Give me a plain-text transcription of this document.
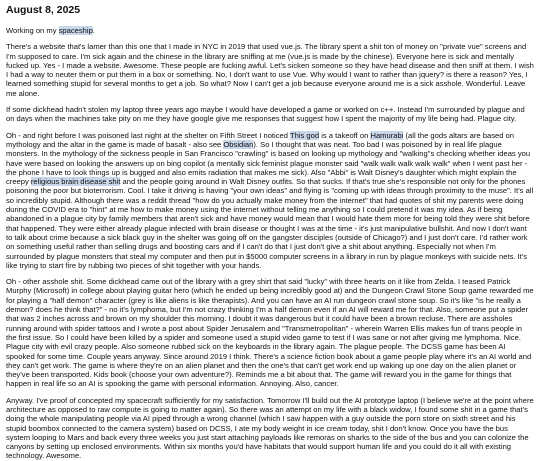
August 8, 2025

Working on my spaceship.

There's a website that's lamer than this one that I made in NYC in 2019 that used vue.js. The library spent a shit ton of money on "private vue" screens and I'm supposed to care. I'm sick again and the chinese in the library are sniffing at me (vue.js is made by the chinese). Everyone here is sick and mentally fucked up. Yes - I made a website. Awesome. These people are fucking awful. Let's sicken someone so they have head disease and then sniff at them. I wish I had a way to neuter them or put them in a box or something. No, I don't want to use Vue. Why would I want to rather than jquery? is there a reason? Yes, I learned something stupid for several months to get a job. So what? Now I can't get a job because everyone around me is a sick asshole. Wonderful. Leave me alone.

If some dickhead hadn't stolen my laptop three years ago maybe I would have developed a game or worked on c++. Instead I'm surrounded by plague and on days when the machines take pity on me they have google give me responses that suggest how I spent the majority of my life being had. Plague city.

Oh - and right before I was poisoned last night at the shelter on Fifth Street I noticed This god is a takeoff on Hamurabi (all the gods altars are based on mythology and the altar in the game is made of basalt - also see Obsidian). So I thought that was neat. Too bad I was poisoned by in real life plague monsters. In the mythology of the sickness people in San Francisco "crawling" is based on looking up mythology and "walking"s checking whether ideas you have were based on looking the answers up on bing copilot (a mentally sick feminist plague monster said "walk walk walk walk walk" when I went past her - the phone I have to look things up is bugged and also emits radiation that makes me sick). Also "Abbi" is Walt Disney's daughter which might explain the creepy religious brain disease shit and the people going around in Walt Disney outfits. So that sucks. If that's true she's responsible not only for the phones poisoning the poor but bioterrorism. Cool. I take it driving is having "your own ideas" and flying is "coming up with ideas through proximity to the muse". It's all so incredibly stupid. Although there was a reddit thread "how do you actually make money from the internet" that had quotes of shit my parents were doing during the COVID era to "hint" at me how to make money using the internet without telling me anything so I could pretend it was my idea. As if being abandoned in a plague city by family members that aren't sick and have money would mean that I would hate them more for being told they were shit before that happened. They were either already plague infected with brain disease or thought I was at the time - it's just manipulative bullshit. And now I don't want to talk about crime because a sick black guy in the shelter was going off on the gangster disciples (outside of Chicago?) and I just don't care. I'd rather work on something useful rather than selling drugs and boosting cars and if I can't do that I just don't give a shit about anything. Especially not when I'm surrounded by plague monsters that steal my computer and then put in $5000 computer screens in a library in run by plague monkeys with suicide nets. It's like trying to start fire by rubbing two pieces of shit together with your hands.

Oh - other asshole shit. Some dickhead came out of the library with a grey shirt that said "lucky" with three hearts on it like from Zelda. I teased Patrick Murphy (Microsoft) in college about playing guitar hero (which he ended up being incredibly good at) and the Dungeon Crawl Stone Soup game rewarded me for playing a "half demon" character (grey is like aliens is like therapists). And you can have an AI run dungeon crawl stone soup. So it's like "is he really a demon? does he think that?" - no it's lymphoma, but I'm not crazy thinking I'm a half demon even if an AI will reward me for that. Also, someone put a spider that was 2 inches across and brown on my shoulder this morning. I doubt it was dangerous but it could have been a brown recluse. There are assholes running around with spider tattoos and I wrote a post about Spider Jerusalem and "Transmetropolitan" - wherein Warren Ellis makes fun of trans people in the first issue. So I could have been killed by a spider and someone used a stupid video game to test if I was sane or not after giving me lymphoma. Nice. Plague city with evil crazy people. Also someone rubbed sick on the keyboards in the library again. The plague people. The DCSS game has been AI spooked for some time. Couple years anyway. Since around 2019 I think. There's a science fiction book about a game people play where it's an AI world and they can't get work. The game is where they're on an alien planet and then the one's that can't get work end up waking up one day on the alien planet or they've been transported. Kids book (choose your own adventure?). Reminds me a bit about that. The game will reward you in the game for things that happen in real life so an AI is spooking the game with personal information. Annoying. Also, cancer.

Anyway. I've proof of concepted my spacecraft sufficiently for my satisfaction. Tomorrow I'll build out the AI prototype laptop (I believe we're at the point where architecture as opposed to raw compute is going to matter again). So there was an attempt on my life with a black widow, I found some shit in a game that's doing the whole manipulating people via AI piped through a wrong channel (which I saw happen with a guy outside the porn store on sixth street and his stupid boombox connected to the camera system) based on DCSS, I ate my body weight in ice cream today, shit I don't know. Once you have the bus system looping to Mars and back every three weeks you just start attaching payloads like remoras on sharks to the side of the bus and you can colonize the canyons by setting up enclosed environments. Within six months you'd have habitats that would support human life and you could do it all with existing technology. Awesome.
